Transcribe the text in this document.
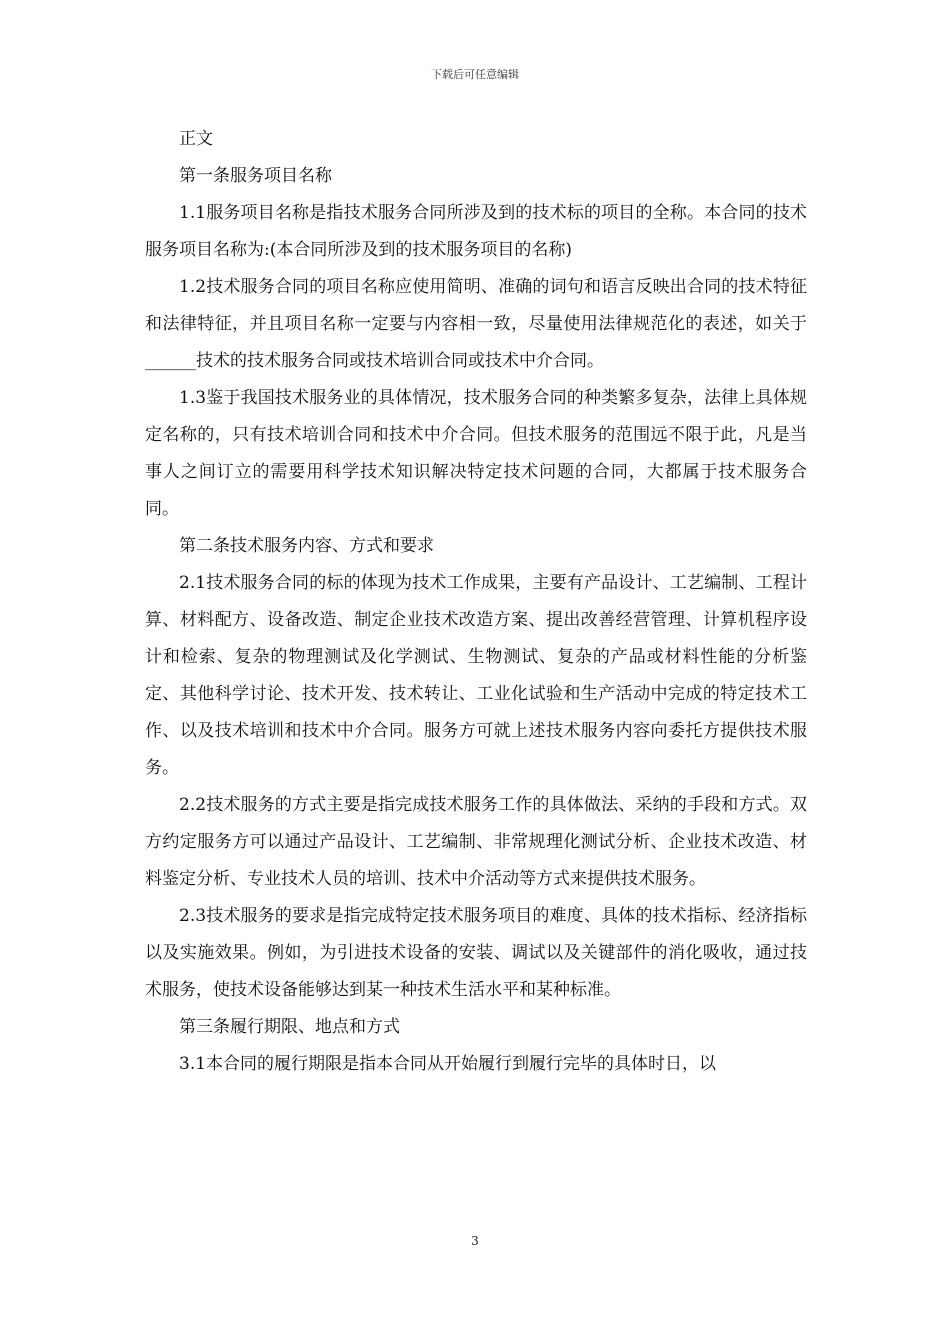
下载后可任意编辑

正文

第一条服务项目名称

1.1服务项目名称是指技术服务合同所涉及到的技术标的项目的全称。本合同的技术服务项目名称为:(本合同所涉及到的技术服务项目的名称)

1.2技术服务合同的项目名称应使用简明、准确的词句和语言反映出合同的技术特征和法律特征，并且项目名称一定要与内容相一致，尽量使用法律规范化的表述，如关于______技术的技术服务合同或技术培训合同或技术中介合同。

1.3鉴于我国技术服务业的具体情况，技术服务合同的种类繁多复杂，法律上具体规定名称的，只有技术培训合同和技术中介合同。但技术服务的范围远不限于此，凡是当事人之间订立的需要用科学技术知识解决特定技术问题的合同，大都属于技术服务合同。

第二条技术服务内容、方式和要求

2.1技术服务合同的标的体现为技术工作成果，主要有产品设计、工艺编制、工程计算、材料配方、设备改造、制定企业技术改造方案、提出改善经营管理、计算机程序设计和检索、复杂的物理测试及化学测试、生物测试、复杂的产品或材料性能的分析鉴定、其他科学讨论、技术开发、技术转让、工业化试验和生产活动中完成的特定技术工作、以及技术培训和技术中介合同。服务方可就上述技术服务内容向委托方提供技术服务。

2.2技术服务的方式主要是指完成技术服务工作的具体做法、采纳的手段和方式。双方约定服务方可以通过产品设计、工艺编制、非常规理化测试分析、企业技术改造、材料鉴定分析、专业技术人员的培训、技术中介活动等方式来提供技术服务。

2.3技术服务的要求是指完成特定技术服务项目的难度、具体的技术指标、经济指标以及实施效果。例如，为引进技术设备的安装、调试以及关键部件的消化吸收，通过技术服务，使技术设备能够达到某一种技术生活水平和某种标准。

第三条履行期限、地点和方式

3.1本合同的履行期限是指本合同从开始履行到履行完毕的具体时日，以

3
